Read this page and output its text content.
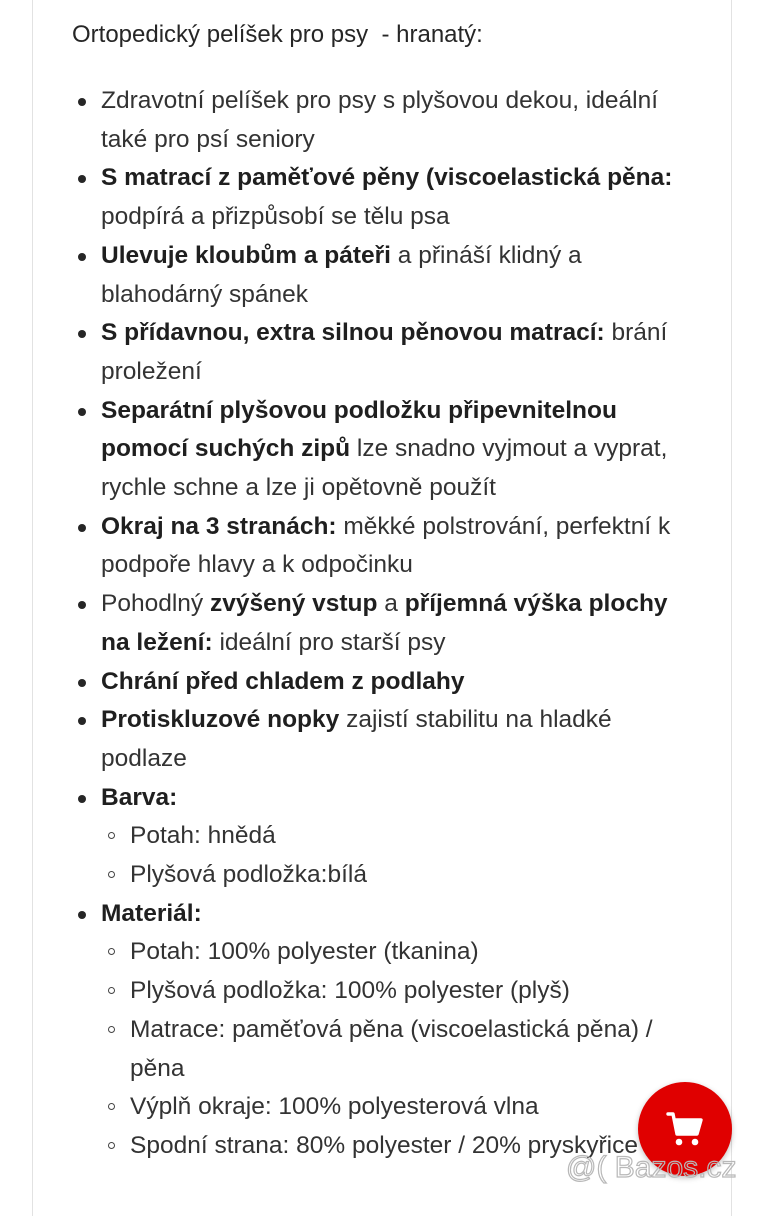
Ortopedický pelíšek pro psy  - hranatý:
Zdravotní pelíšek pro psy s plyšovou dekou, ideální také pro psí seniory
S matrací z paměťové pěny (viscoelastická pěna: podpírá a přizpůsobí se tělu psa
Ulevuje kloubům a páteři a přináší klidný a blahodárný spánek
S přídavnou, extra silnou pěnovou matrací: brání proležení
Separátní plyšovou podložku připevnitelnou pomocí suchých zipů lze snadno vyjmout a vyprat, rychle schne a lze ji opětovně použít
Okraj na 3 stranách: měkké polstrování, perfektní k podpoře hlavy a k odpočinku
Pohodlný zvýšený vstup a příjemná výška plochy na ležení: ideální pro starší psy
Chrání před chladem z podlahy
Protiskluzové nopky zajistí stabilitu na hladké podlaze
Barva:
Potah: hnědá
Plyšová podložka:bílá
Materiál:
Potah: 100% polyester (tkanina)
Plyšová podložka: 100% polyester (plyš)
Matrace: paměťová pěna (viscoelastická pěna) / pěna
Výplň okraje: 100% polyesterová vlna
Spodní strana: 80% polyester / 20% pryskyřice
